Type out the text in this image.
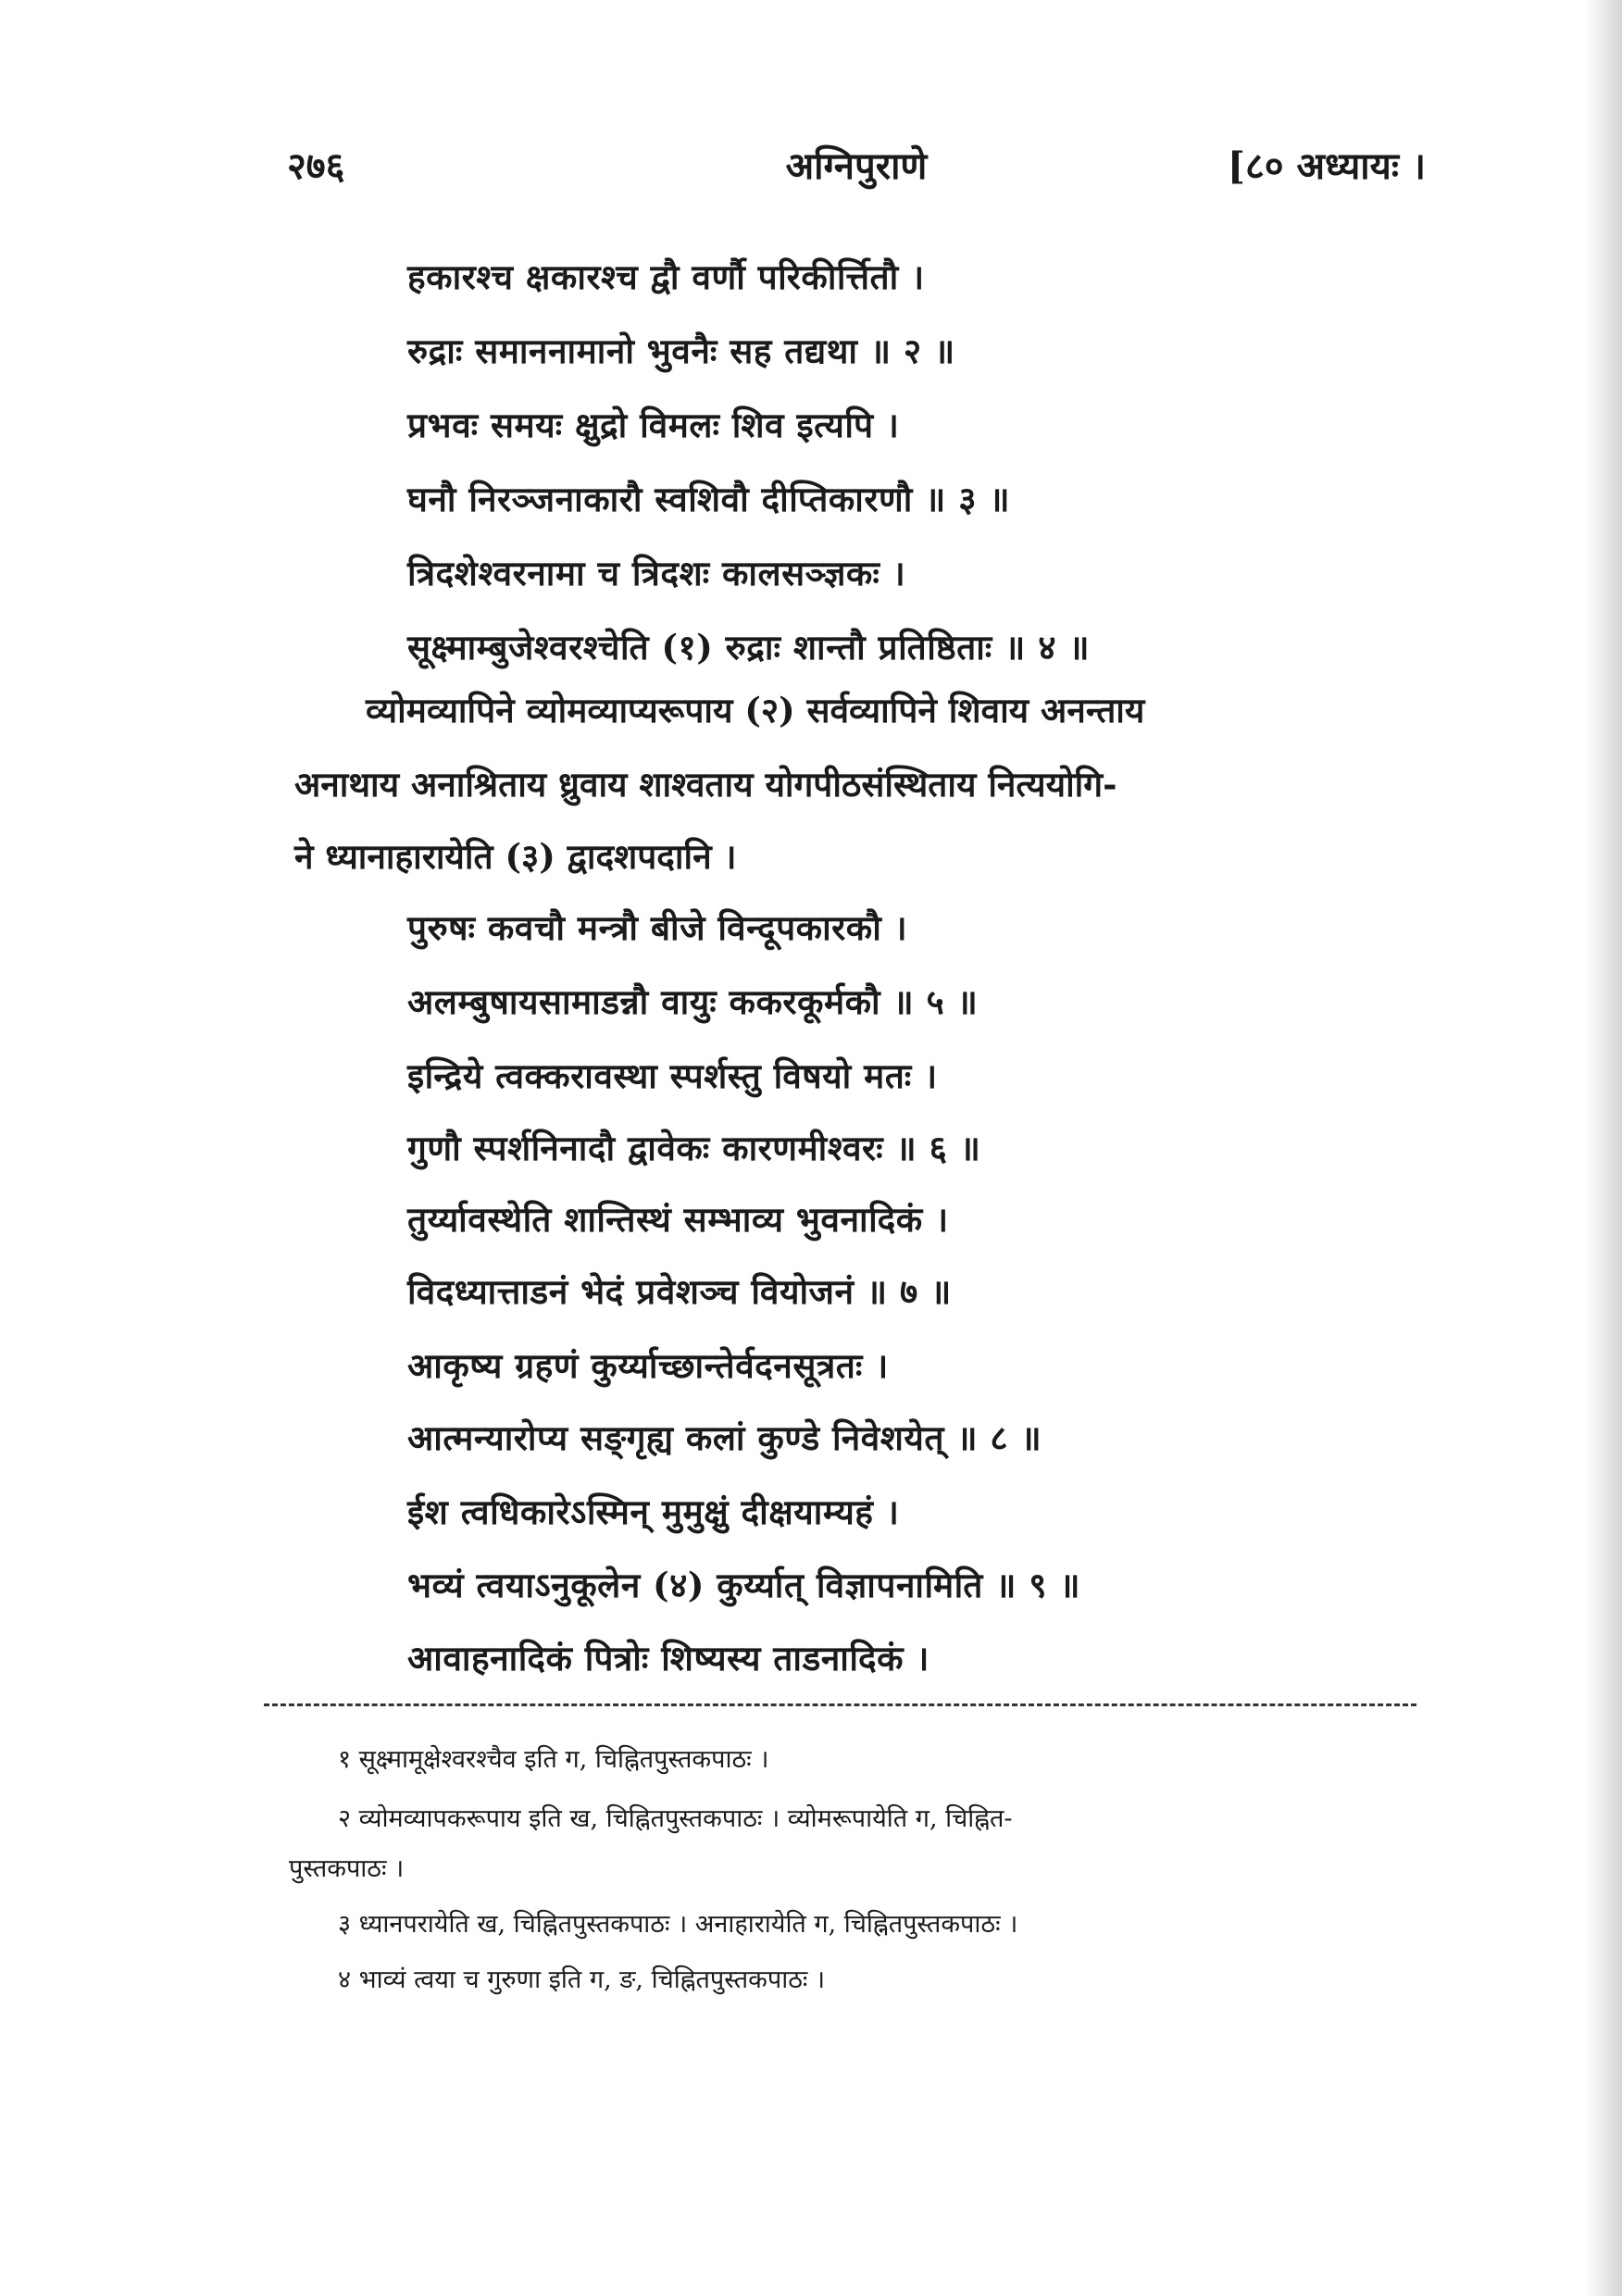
२७६	अग्निपुराणे	[८० अध्यायः ।
हकारश्च क्षकारश्च द्वौ वर्णौ परिकीर्त्तितौ ।
रुद्राः समाननामानो भुवनैः सह तद्यथा ॥ २ ॥
प्रभवः समयः क्षुद्रो विमलः शिव इत्यपि ।
घनौ निरञ्जनाकारौ स्वशिवौ दीप्तिकारणौ ॥ ३ ॥
त्रिदशेश्वरनामा च त्रिदशः कालसञ्ज्ञकः ।
सूक्ष्माम्बुजेश्वरश्चेति (१) रुद्राः शान्तौ प्रतिष्ठिताः ॥ ४ ॥
व्योमव्यापिने व्योमव्याप्यरूपाय (२) सर्वव्यापिने शिवाय अनन्ताय
अनाथाय अनाश्रिताय ध्रुवाय शाश्वताय योगपीठसंस्थिताय नित्ययोगि-
ने ध्यानाहारायेति (३) द्वादशपदानि ।
पुरुषः कवचौ मन्त्रौ बीजे विन्दूपकारकौ ।
अलम्बुषायसामाडन्नौ वायुः ककरकूर्मकौ ॥ ५ ॥
इन्द्रिये त्वक्करावस्था स्पर्शस्तु विषयो मतः ।
गुणौ स्पर्शनिनादौ द्वावेकः कारणमीश्वरः ॥ ६ ॥
तुर्य्यावस्थेति शान्तिस्थं सम्भाव्य भुवनादिकं ।
विदध्यात्ताडनं भेदं प्रवेशञ्च वियोजनं ॥ ७ ॥
आकृष्य ग्रहणं कुर्य्याच्छान्तेर्वदनसूत्रतः ।
आत्मन्यारोप्य सङ्गृह्य कलां कुण्डे निवेशयेत् ॥ ८ ॥
ईश त्वधिकारेऽस्मिन् मुमुक्षुं दीक्षयाम्यहं ।
भव्यं त्वयाऽनुकूलेन (४) कुर्य्यात् विज्ञापनामिति ॥ ९ ॥
आवाहनादिकं पित्रोः शिष्यस्य ताडनादिकं ।
१ सूक्ष्मामूक्षेश्वरश्चैव इति ग, चिह्नितपुस्तकपाठः ।
२ व्योमव्यापकरूपाय इति ख, चिह्नितपुस्तकपाठः । व्योमरूपायेति ग, चिह्नित-
पुस्तकपाठः ।
३ ध्यानपरायेति ख, चिह्नितपुस्तकपाठः । अनाहारायेति ग, चिह्नितपुस्तकपाठः ।
४ भाव्यं त्वया च गुरुणा इति ग, ङ, चिह्नितपुस्तकपाठः ।
